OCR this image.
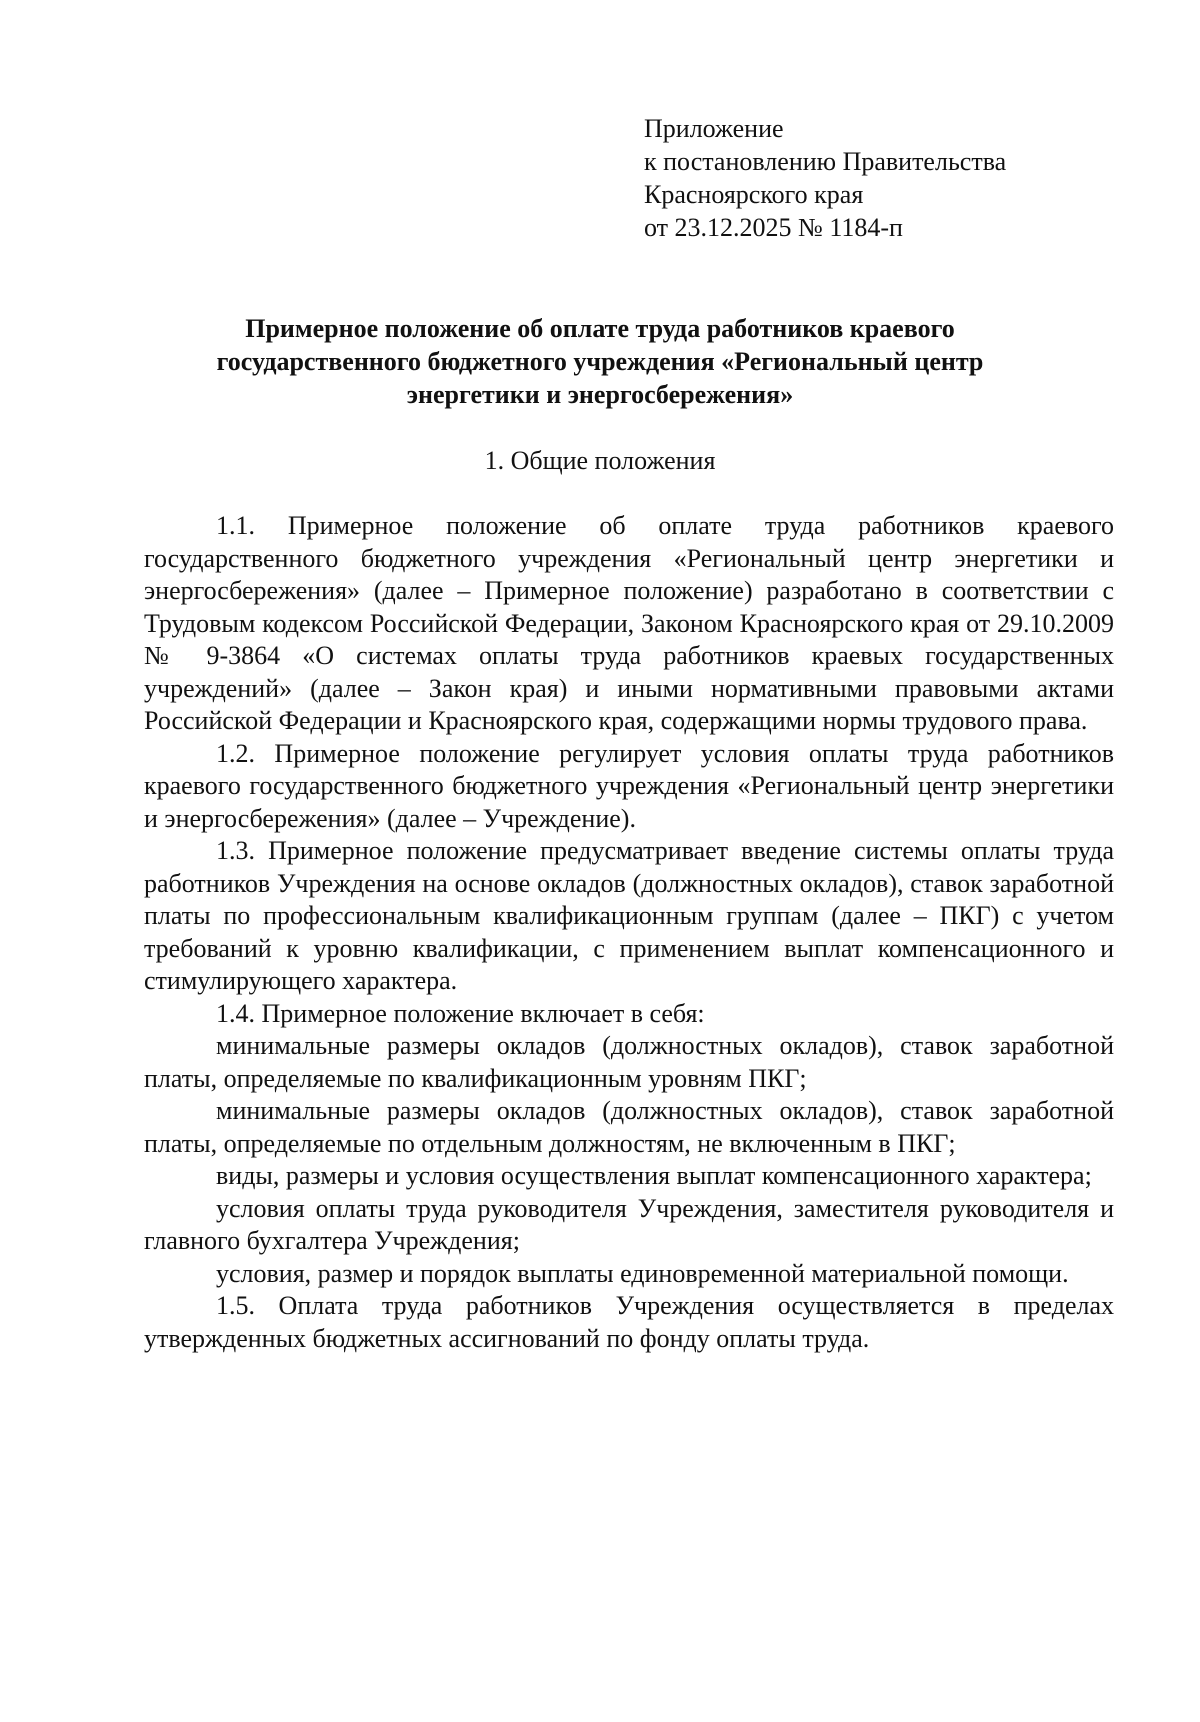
Приложение
к постановлению Правительства
Красноярского края
от 23.12.2025 № 1184-п
Примерное положение об оплате труда работников краевого
государственного бюджетного учреждения «Региональный центр
энергетики и энергосбережения»
1. Общие положения

1.1. Примерное положение об оплате труда работников краевого государственного бюджетного учреждения «Региональный центр энергетики и энергосбережения» (далее – Примерное положение) разработано в соответствии с Трудовым кодексом Российской Федерации, Законом Красноярского края от 29.10.2009 № 9-3864 «О системах оплаты труда работников краевых государственных учреждений» (далее – Закон края) и иными нормативными правовыми актами Российской Федерации и Красноярского края, содержащими нормы трудового права.

1.2. Примерное положение регулирует условия оплаты труда работников краевого государственного бюджетного учреждения «Региональный центр энергетики и энергосбережения» (далее – Учреждение).

1.3. Примерное положение предусматривает введение системы оплаты труда работников Учреждения на основе окладов (должностных окладов), ставок заработной платы по профессиональным квалификационным группам (далее – ПКГ) с учетом требований к уровню квалификации, с применением выплат компенсационного и стимулирующего характера.

1.4. Примерное положение включает в себя:

минимальные размеры окладов (должностных окладов), ставок заработной платы, определяемые по квалификационным уровням ПКГ;

минимальные размеры окладов (должностных окладов), ставок заработной платы, определяемые по отдельным должностям, не включенным в ПКГ;

виды, размеры и условия осуществления выплат компенсационного характера;

условия оплаты труда руководителя Учреждения, заместителя руководителя и главного бухгалтера Учреждения;

условия, размер и порядок выплаты единовременной материальной помощи.

1.5. Оплата труда работников Учреждения осуществляется в пределах утвержденных бюджетных ассигнований по фонду оплаты труда.
